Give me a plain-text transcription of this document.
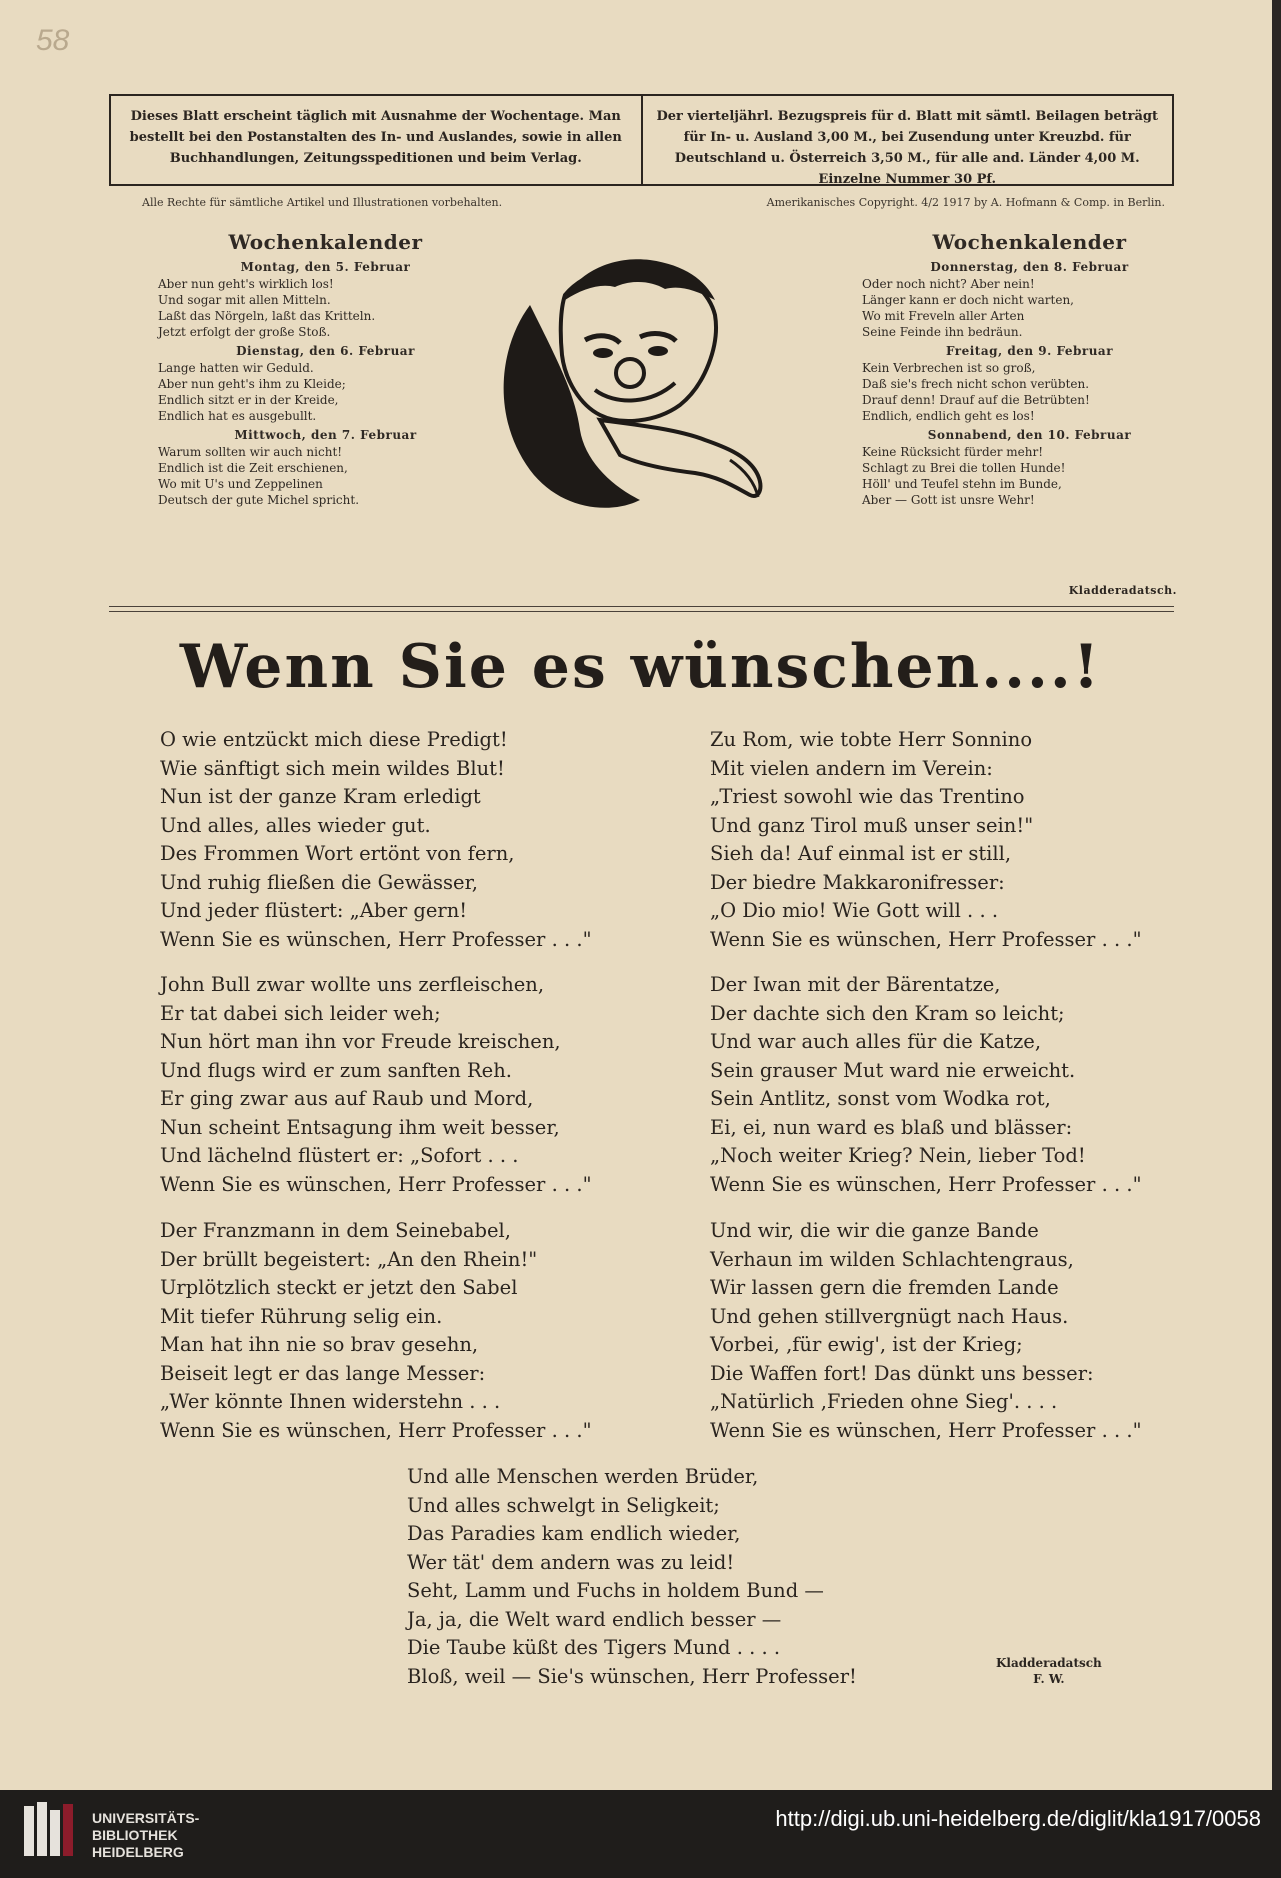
58
Dieses Blatt erscheint täglich mit Ausnahme der Wochentage. Man bestellt bei den Postanstalten des In- und Auslandes, sowie in allen Buchhandlungen, Zeitungsspeditionen und beim Verlag.
Der vierteljährl. Bezugspreis für d. Blatt mit sämtl. Beilagen beträgt für In- u. Ausland 3,00 M., bei Zusendung unter Kreuzbd. für Deutschland u. Österreich 3,50 M., für alle and. Länder 4,00 M. Einzelne Nummer 30 Pf.
Alle Rechte für sämtliche Artikel und Illustrationen vorbehalten.	Amerikanisches Copyright. 4/2 1917 by A. Hofmann & Comp. in Berlin.
Wochenkalender
Montag, den 5. Februar
Aber nun geht's wirklich los!
Und sogar mit allen Mitteln.
Laßt das Nörgeln, laßt das Kritteln.
Jetzt erfolgt der große Stoß.
Dienstag, den 6. Februar
Lange hatten wir Geduld.
Aber nun geht's ihm zu Kleide;
Endlich sitzt er in der Kreide,
Endlich hat es ausgebullt.
Mittwoch, den 7. Februar
Warum sollten wir auch nicht!
Endlich ist die Zeit erschienen,
Wo mit U's und Zeppelinen
Deutsch der gute Michel spricht.
Wochenkalender
Donnerstag, den 8. Februar
Oder noch nicht? Aber nein!
Länger kann er doch nicht warten,
Wo mit Freveln aller Arten
Seine Feinde ihn bedräun.
Freitag, den 9. Februar
Kein Verbrechen ist so groß,
Daß sie's frech nicht schon verübten.
Drauf denn! Drauf auf die Betrübten!
Endlich, endlich geht es los!
Sonnabend, den 10. Februar
Keine Rücksicht fürder mehr!
Schlagt zu Brei die tollen Hunde!
Höll' und Teufel stehn im Bunde,
Aber — Gott ist unsre Wehr!
Kladderadatsch.
Wenn Sie es wünschen....!
O wie entzückt mich diese Predigt!
Wie sänftigt sich mein wildes Blut!
Nun ist der ganze Kram erledigt
Und alles, alles wieder gut.
Des Frommen Wort ertönt von fern,
Und ruhig fließen die Gewässer,
Und jeder flüstert: „Aber gern!
Wenn Sie es wünschen, Herr Professer . . ."
Zu Rom, wie tobte Herr Sonnino
Mit vielen andern im Verein:
„Triest sowohl wie das Trentino
Und ganz Tirol muß unser sein!"
Sieh da! Auf einmal ist er still,
Der biedre Makkaronifresser:
„O Dio mio! Wie Gott will . . .
Wenn Sie es wünschen, Herr Professer . . ."
John Bull zwar wollte uns zerfleischen,
Er tat dabei sich leider weh;
Nun hört man ihn vor Freude kreischen,
Und flugs wird er zum sanften Reh.
Er ging zwar aus auf Raub und Mord,
Nun scheint Entsagung ihm weit besser,
Und lächelnd flüstert er: „Sofort . . .
Wenn Sie es wünschen, Herr Professer . . ."
Der Iwan mit der Bärentatze,
Der dachte sich den Kram so leicht;
Und war auch alles für die Katze,
Sein grauser Mut ward nie erweicht.
Sein Antlitz, sonst vom Wodka rot,
Ei, ei, nun ward es blaß und blässer:
„Noch weiter Krieg? Nein, lieber Tod!
Wenn Sie es wünschen, Herr Professer . . ."
Der Franzmann in dem Seinebabel,
Der brüllt begeistert: „An den Rhein!"
Urplötzlich steckt er jetzt den Sabel
Mit tiefer Rührung selig ein.
Man hat ihn nie so brav gesehn,
Beiseit legt er das lange Messer:
„Wer könnte Ihnen widerstehn . . .
Wenn Sie es wünschen, Herr Professer . . ."
Und wir, die wir die ganze Bande
Verhaun im wilden Schlachtengraus,
Wir lassen gern die fremden Lande
Und gehen stillvergnügt nach Haus.
Vorbei, ‚für ewig', ist der Krieg;
Die Waffen fort! Das dünkt uns besser:
„Natürlich ‚Frieden ohne Sieg'. . . .
Wenn Sie es wünschen, Herr Professer . . ."
Und alle Menschen werden Brüder,
Und alles schwelgt in Seligkeit;
Das Paradies kam endlich wieder,
Wer tät' dem andern was zu leid!
Seht, Lamm und Fuchs in holdem Bund —
Ja, ja, die Welt ward endlich besser —
Die Taube küßt des Tigers Mund . . . .
Bloß, weil — Sie's wünschen, Herr Professer!
Kladderadatsch
F. W.
UNIVERSITÄTS-
BIBLIOTHEK
HEIDELBERG
http://digi.ub.uni-heidelberg.de/diglit/kla1917/0058
